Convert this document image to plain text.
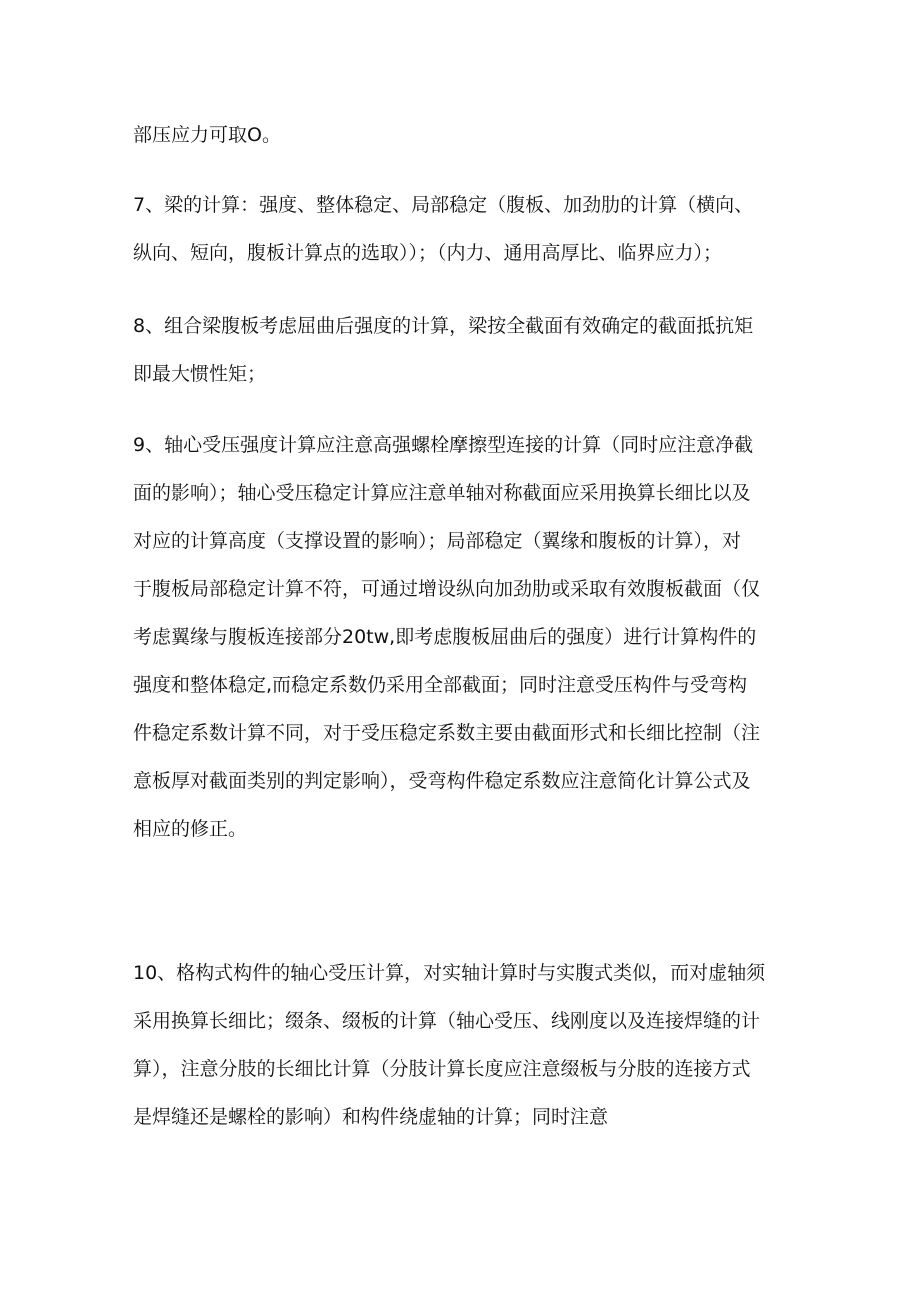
部压应力可取O。
7、梁的计算：强度、整体稳定、局部稳定（腹板、加劲肋的计算（横向、
纵向、短向，腹板计算点的选取））；（内力、通用高厚比、临界应力）；
8、组合梁腹板考虑屈曲后强度的计算，梁按全截面有效确定的截面抵抗矩
即最大惯性矩；
9、轴心受压强度计算应注意高强螺栓摩擦型连接的计算（同时应注意净截
面的影响）；轴心受压稳定计算应注意单轴对称截面应采用换算长细比以及
对应的计算高度（支撑设置的影响）；局部稳定（翼缘和腹板的计算），对
于腹板局部稳定计算不符，可通过增设纵向加劲肋或采取有效腹板截面（仅
考虑翼缘与腹板连接部分20tw,即考虑腹板屈曲后的强度）进行计算构件的
强度和整体稳定,而稳定系数仍采用全部截面；同时注意受压构件与受弯构
件稳定系数计算不同，对于受压稳定系数主要由截面形式和长细比控制（注
意板厚对截面类别的判定影响），受弯构件稳定系数应注意简化计算公式及
相应的修正。
10、格构式构件的轴心受压计算，对实轴计算时与实腹式类似，而对虚轴须
采用换算长细比；缀条、缀板的计算（轴心受压、线刚度以及连接焊缝的计
算），注意分肢的长细比计算（分肢计算长度应注意缀板与分肢的连接方式
是焊缝还是螺栓的影响）和构件绕虚轴的计算；同时注意
